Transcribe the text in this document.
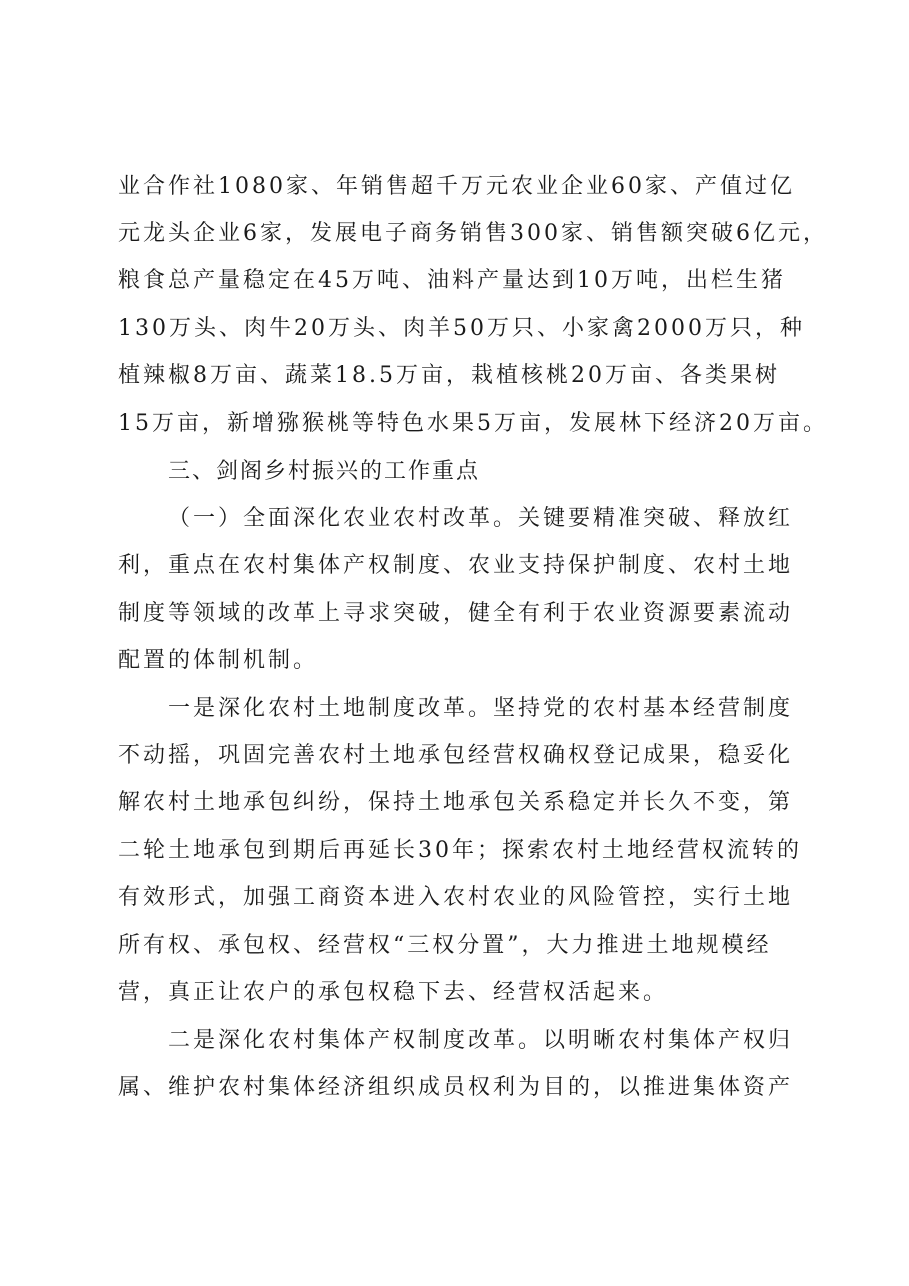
业合作社1080家、年销售超千万元农业企业60家、产值过亿
元龙头企业6家，发展电子商务销售300家、销售额突破6亿元，
粮食总产量稳定在45万吨、油料产量达到10万吨，出栏生猪
130万头、肉牛20万头、肉羊50万只、小家禽2000万只，种
植辣椒8万亩、蔬菜18.5万亩，栽植核桃20万亩、各类果树
15万亩，新增猕猴桃等特色水果5万亩，发展林下经济20万亩。
三、剑阁乡村振兴的工作重点
（一）全面深化农业农村改革。关键要精准突破、释放红
利，重点在农村集体产权制度、农业支持保护制度、农村土地
制度等领域的改革上寻求突破，健全有利于农业资源要素流动
配置的体制机制。
一是深化农村土地制度改革。坚持党的农村基本经营制度
不动摇，巩固完善农村土地承包经营权确权登记成果，稳妥化
解农村土地承包纠纷，保持土地承包关系稳定并长久不变，第
二轮土地承包到期后再延长30年；探索农村土地经营权流转的
有效形式，加强工商资本进入农村农业的风险管控，实行土地
所有权、承包权、经营权“三权分置”，大力推进土地规模经
营，真正让农户的承包权稳下去、经营权活起来。
二是深化农村集体产权制度改革。以明晰农村集体产权归
属、维护农村集体经济组织成员权利为目的，以推进集体资产
